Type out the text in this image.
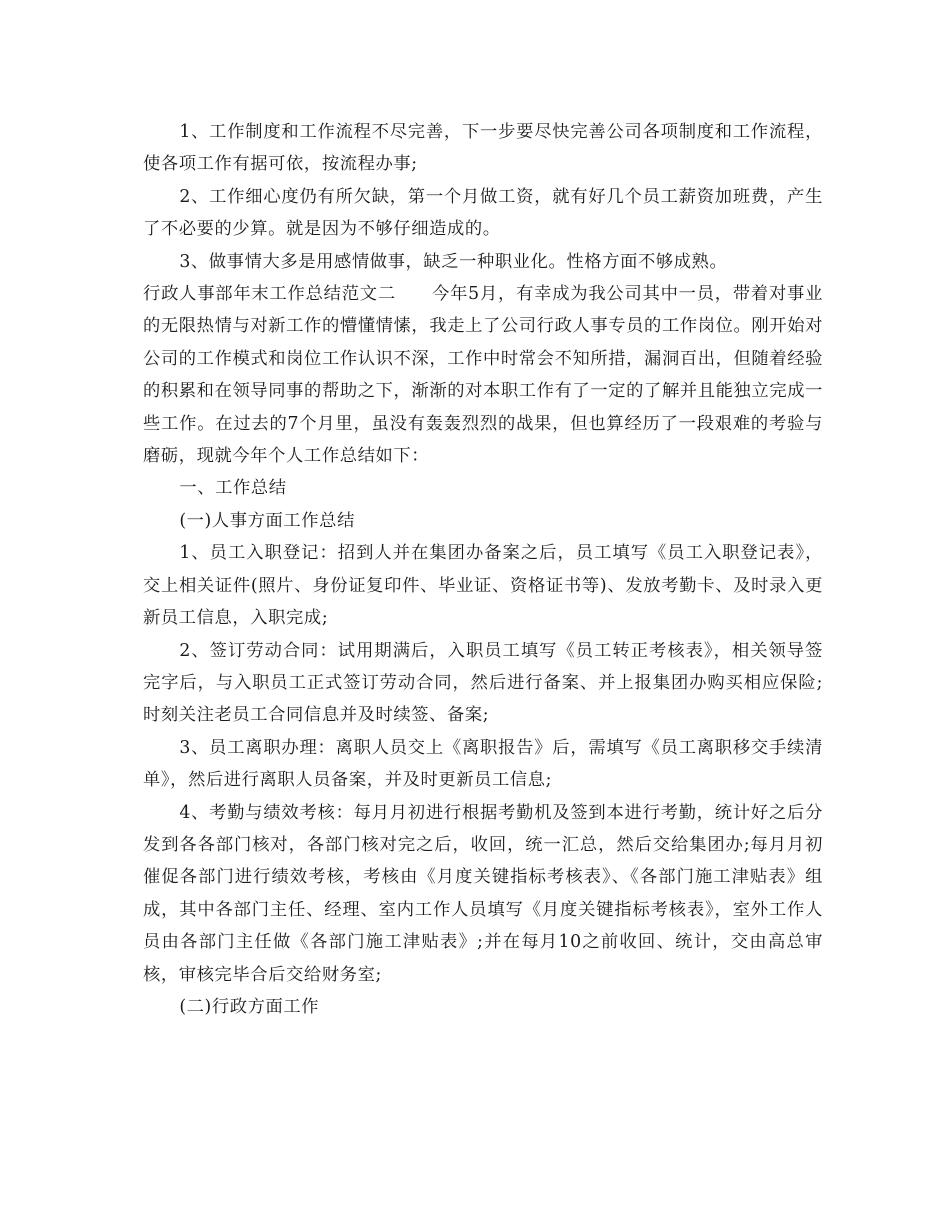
1、工作制度和工作流程不尽完善，下一步要尽快完善公司各项制度和工作流程，使各项工作有据可依，按流程办事;

2、工作细心度仍有所欠缺，第一个月做工资，就有好几个员工薪资加班费，产生了不必要的少算。就是因为不够仔细造成的。

3、做事情大多是用感情做事，缺乏一种职业化。性格方面不够成熟。

行政人事部年末工作总结范文二　　今年5月，有幸成为我公司其中一员，带着对事业的无限热情与对新工作的懵懂情愫，我走上了公司行政人事专员的工作岗位。刚开始对公司的工作模式和岗位工作认识不深，工作中时常会不知所措，漏洞百出，但随着经验的积累和在领导同事的帮助之下，渐渐的对本职工作有了一定的了解并且能独立完成一些工作。在过去的7个月里，虽没有轰轰烈烈的战果，但也算经历了一段艰难的考验与磨砺，现就今年个人工作总结如下：

一、工作总结

(一)人事方面工作总结

1、员工入职登记：招到人并在集团办备案之后，员工填写《员工入职登记表》，交上相关证件(照片、身份证复印件、毕业证、资格证书等)、发放考勤卡、及时录入更新员工信息，入职完成;

2、签订劳动合同：试用期满后，入职员工填写《员工转正考核表》，相关领导签完字后，与入职员工正式签订劳动合同，然后进行备案、并上报集团办购买相应保险;时刻关注老员工合同信息并及时续签、备案;

3、员工离职办理：离职人员交上《离职报告》后，需填写《员工离职移交手续清单》，然后进行离职人员备案，并及时更新员工信息;

4、考勤与绩效考核：每月月初进行根据考勤机及签到本进行考勤，统计好之后分发到各各部门核对，各部门核对完之后，收回，统一汇总，然后交给集团办;每月月初催促各部门进行绩效考核，考核由《月度关键指标考核表》、《各部门施工津贴表》组成，其中各部门主任、经理、室内工作人员填写《月度关键指标考核表》，室外工作人员由各部门主任做《各部门施工津贴表》;并在每月10之前收回、统计，交由高总审核，审核完毕合后交给财务室;

(二)行政方面工作
